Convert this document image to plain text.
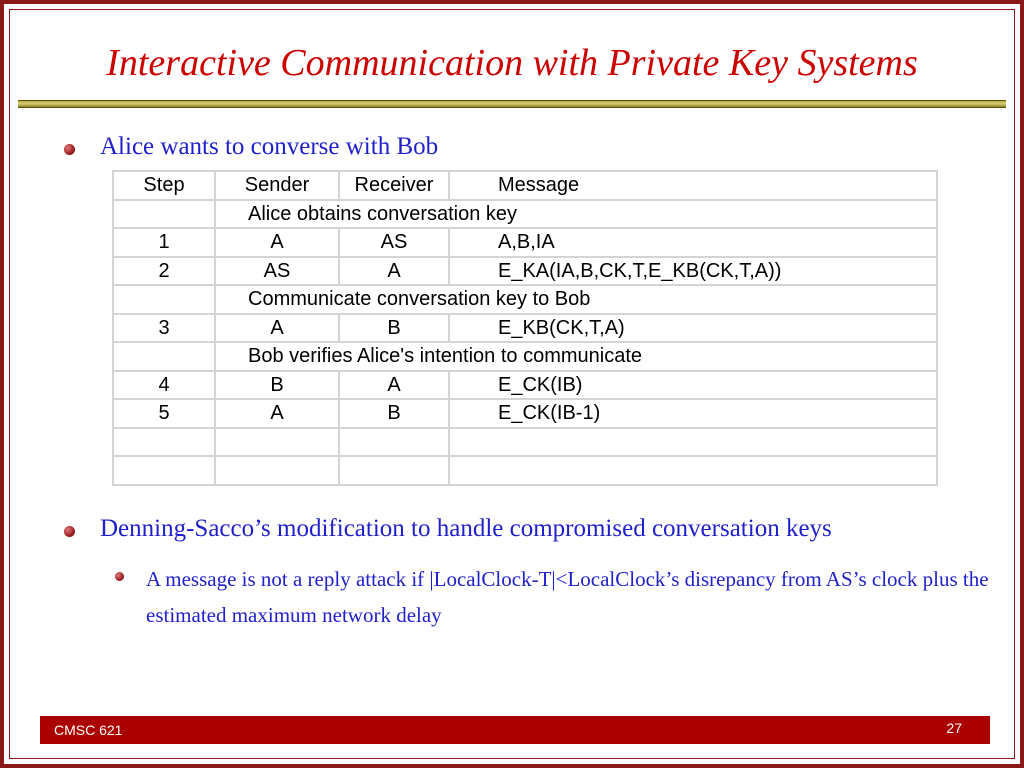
Interactive Communication with Private Key Systems
Alice wants to converse with Bob
Step	Sender	Receiver	Message
	Alice obtains conversation key		
1	A	AS	A,B,IA
2	AS	A	E_KA(IA,B,CK,T,E_KB(CK,T,A))
	Communicate conversation key to Bob		
3	A	B	E_KB(CK,T,A)
	Bob verifies Alice's intention to communicate		
4	B	A	E_CK(IB)
5	A	B	E_CK(IB-1)

Denning-Sacco’s modification to handle compromised conversation keys
A message is not a reply attack if |LocalClock-T|<LocalClock’s disrepancy from AS’s clock plus the estimated maximum network delay
CMSC 621	27
